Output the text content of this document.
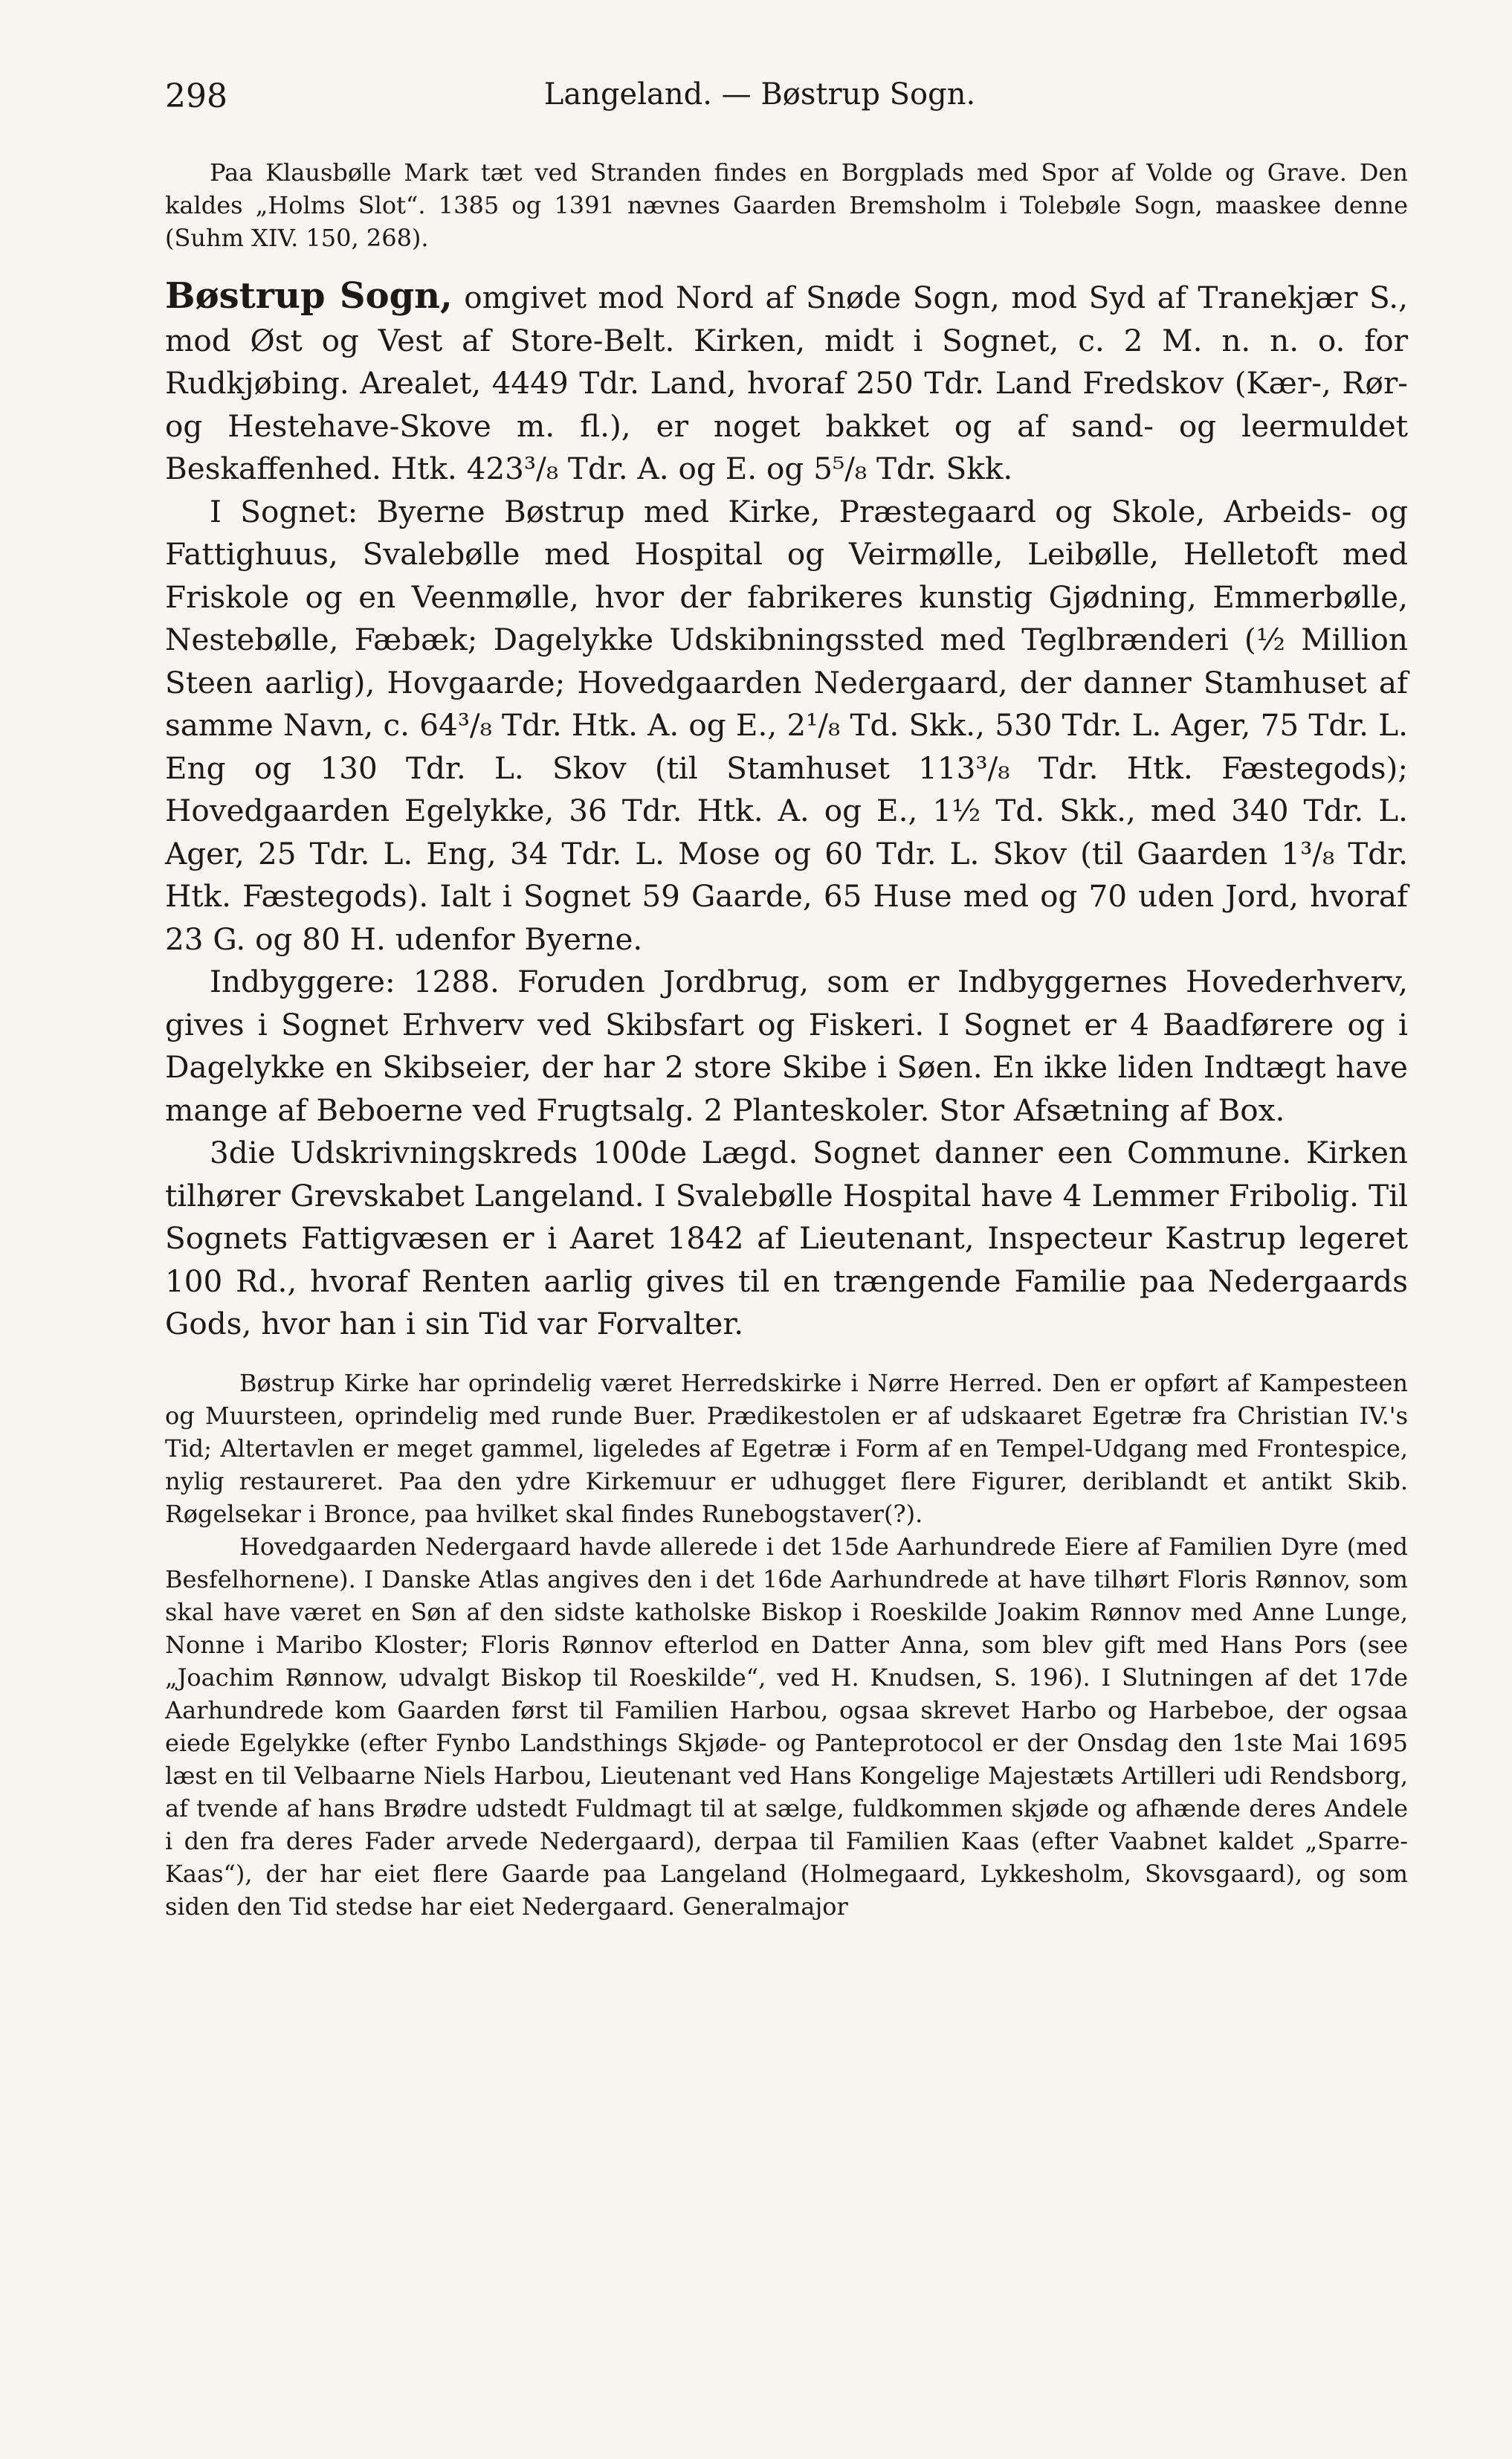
298	Langeland. — Bøstrup Sogn.

Paa Klausbølle Mark tæt ved Stranden findes en Borgplads med Spor af Volde og Grave. Den kaldes „Holms Slot“. 1385 og 1391 nævnes Gaarden Bremsholm i Tolebøle Sogn, maaskee denne (Suhm XIV. 150, 268).

Bøstrup Sogn, omgivet mod Nord af Snøde Sogn, mod Syd af Tranekjær S., mod Øst og Vest af Store-Belt. Kirken, midt i Sognet, c. 2 M. n. n. o. for Rudkjøbing. Arealet, 4449 Tdr. Land, hvoraf 250 Tdr. Land Fredskov (Kær-, Rør- og Hestehave-Skove m. fl.), er noget bakket og af sand- og leermuldet Beskaffenhed. Htk. 423³/₈ Tdr. A. og E. og 5⁵/₈ Tdr. Skk.

I Sognet: Byerne Bøstrup med Kirke, Præstegaard og Skole, Arbeids- og Fattighuus, Svalebølle med Hospital og Veirmølle, Leibølle, Helletoft med Friskole og en Veenmølle, hvor der fabrikeres kunstig Gjødning, Emmerbølle, Nestebølle, Fæbæk; Dagelykke Udskibningssted med Teglbrænderi (½ Million Steen aarlig), Hovgaarde; Hovedgaarden Nedergaard, der danner Stamhuset af samme Navn, c. 64³/₈ Tdr. Htk. A. og E., 2¹/₈ Td. Skk., 530 Tdr. L. Ager, 75 Tdr. L. Eng og 130 Tdr. L. Skov (til Stamhuset 113³/₈ Tdr. Htk. Fæstegods); Hovedgaarden Egelykke, 36 Tdr. Htk. A. og E., 1½ Td. Skk., med 340 Tdr. L. Ager, 25 Tdr. L. Eng, 34 Tdr. L. Mose og 60 Tdr. L. Skov (til Gaarden 1³/₈ Tdr. Htk. Fæstegods). Ialt i Sognet 59 Gaarde, 65 Huse med og 70 uden Jord, hvoraf 23 G. og 80 H. udenfor Byerne.

Indbyggere: 1288. Foruden Jordbrug, som er Indbyggernes Hovederhverv, gives i Sognet Erhverv ved Skibsfart og Fiskeri. I Sognet er 4 Baadførere og i Dagelykke en Skibseier, der har 2 store Skibe i Søen. En ikke liden Indtægt have mange af Beboerne ved Frugtsalg. 2 Planteskoler. Stor Afsætning af Box.

3die Udskrivningskreds 100de Lægd. Sognet danner een Commune. Kirken tilhører Grevskabet Langeland. I Svalebølle Hospital have 4 Lemmer Fribolig. Til Sognets Fattigvæsen er i Aaret 1842 af Lieutenant, Inspecteur Kastrup legeret 100 Rd., hvoraf Renten aarlig gives til en trængende Familie paa Nedergaards Gods, hvor han i sin Tid var Forvalter.

Bøstrup Kirke har oprindelig været Herredskirke i Nørre Herred. Den er opført af Kampesteen og Muursteen, oprindelig med runde Buer. Prædikestolen er af udskaaret Egetræ fra Christian IV.'s Tid; Altertavlen er meget gammel, ligeledes af Egetræ i Form af en Tempel-Udgang med Frontespice, nylig restaureret. Paa den ydre Kirkemuur er udhugget flere Figurer, deriblandt et antikt Skib. Røgelsekar i Bronce, paa hvilket skal findes Runebogstaver(?).

Hovedgaarden Nedergaard havde allerede i det 15de Aarhundrede Eiere af Familien Dyre (med Besfelhornene). I Danske Atlas angives den i det 16de Aarhundrede at have tilhørt Floris Rønnov, som skal have været en Søn af den sidste katholske Biskop i Roeskilde Joakim Rønnov med Anne Lunge, Nonne i Maribo Kloster; Floris Rønnov efterlod en Datter Anna, som blev gift med Hans Pors (see „Joachim Rønnow, udvalgt Biskop til Roeskilde“, ved H. Knudsen, S. 196). I Slutningen af det 17de Aarhundrede kom Gaarden først til Familien Harbou, ogsaa skrevet Harbo og Harbeboe, der ogsaa eiede Egelykke (efter Fynbo Landsthings Skjøde- og Panteprotocol er der Onsdag den 1ste Mai 1695 læst en til Velbaarne Niels Harbou, Lieutenant ved Hans Kongelige Majestæts Artilleri udi Rendsborg, af tvende af hans Brødre udstedt Fuldmagt til at sælge, fuldkommen skjøde og afhænde deres Andele i den fra deres Fader arvede Nedergaard), derpaa til Familien Kaas (efter Vaabnet kaldet „Sparre-Kaas“), der har eiet flere Gaarde paa Langeland (Holmegaard, Lykkesholm, Skovsgaard), og som siden den Tid stedse har eiet Nedergaard. Generalmajor
